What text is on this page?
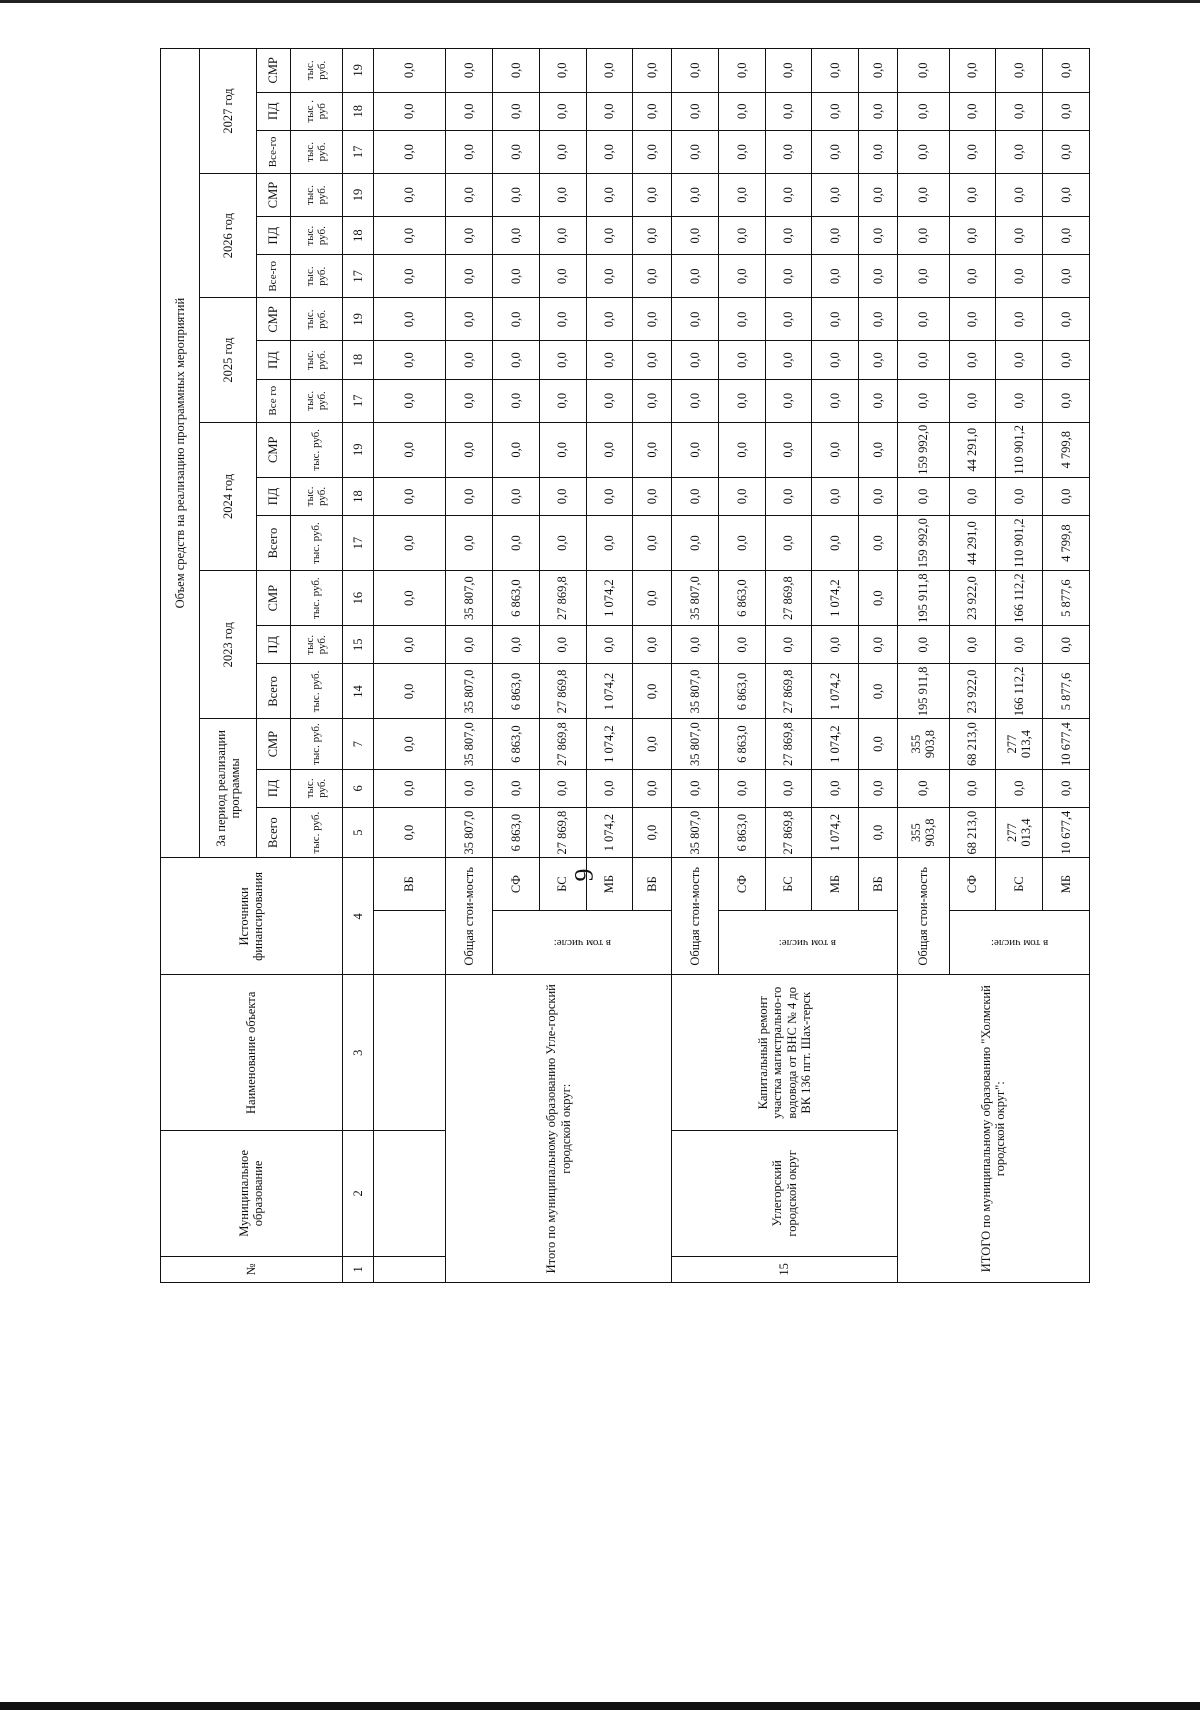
9
№	Муниципальное образование	Наименование объекта	Источники финансирования		Объем средств на реализацию программных мероприятий																	
					За период реализации программы			2023 год			2024 год			2025 год			2026 год			2027 год		
					Всего	ПД	СМР	Всего	ПД	СМР	Всего	ПД	СМР	Все го	ПД	СМР	Все-го	ПД	СМР	Все-го	ПД	СМР
					тыс. руб.	тыс. руб.	тыс. руб.	тыс. руб.	тыс. руб.	тыс. руб.	тыс. руб.	тыс. руб.	тыс. руб.	тыс. руб.	тыс. руб.	тыс. руб.	тыс. руб.	тыс. руб.	тыс. руб.	тыс. руб.	тыс . руб	тыс. руб.
1	2	3	4		5	6	7	14	15	16	17	18	19	17	18	19	17	18	19	17	18	19
				ВБ	0,0	0,0	0,0	0,0	0,0	0,0	0,0	0,0	0,0	0,0	0,0	0,0	0,0	0,0	0,0	0,0	0,0	0,0
Итого по муниципальному образованию Угле-горский городской округ:			Общая стои-мость		35 807,0	0,0	35 807,0	35 807,0	0,0	35 807,0	0,0	0,0	0,0	0,0	0,0	0,0	0,0	0,0	0,0	0,0	0,0	0,0
			в том числе:	СФ	6 863,0	0,0	6 863,0	6 863,0	0,0	6 863,0	0,0	0,0	0,0	0,0	0,0	0,0	0,0	0,0	0,0	0,0	0,0	0,0
				БС	27 869,8	0,0	27 869,8	27 869,8	0,0	27 869,8	0,0	0,0	0,0	0,0	0,0	0,0	0,0	0,0	0,0	0,0	0,0	0,0
				МБ	1 074,2	0,0	1 074,2	1 074,2	0,0	1 074,2	0,0	0,0	0,0	0,0	0,0	0,0	0,0	0,0	0,0	0,0	0,0	0,0
				ВБ	0,0	0,0	0,0	0,0	0,0	0,0	0,0	0,0	0,0	0,0	0,0	0,0	0,0	0,0	0,0	0,0	0,0	0,0
15	Углегорский городской округ	Капитальный ремонт участка магистрально-го водовода от ВНС № 4 до ВК 136 пгт. Шах-терск	Общая стои-мость		35 807,0	0,0	35 807,0	35 807,0	0,0	35 807,0	0,0	0,0	0,0	0,0	0,0	0,0	0,0	0,0	0,0	0,0	0,0	0,0
			в том числе:	СФ	6 863,0	0,0	6 863,0	6 863,0	0,0	6 863,0	0,0	0,0	0,0	0,0	0,0	0,0	0,0	0,0	0,0	0,0	0,0	0,0
				БС	27 869,8	0,0	27 869,8	27 869,8	0,0	27 869,8	0,0	0,0	0,0	0,0	0,0	0,0	0,0	0,0	0,0	0,0	0,0	0,0
				МБ	1 074,2	0,0	1 074,2	1 074,2	0,0	1 074,2	0,0	0,0	0,0	0,0	0,0	0,0	0,0	0,0	0,0	0,0	0,0	0,0
				ВБ	0,0	0,0	0,0	0,0	0,0	0,0	0,0	0,0	0,0	0,0	0,0	0,0	0,0	0,0	0,0	0,0	0,0	0,0
ИТОГО по муниципальному образованию "Холмский городской округ":			Общая стои-мость		355 903,8	0,0	355 903,8	195 911,8	0,0	195 911,8	159 992,0	0,0	159 992,0	0,0	0,0	0,0	0,0	0,0	0,0	0,0	0,0	0,0
			в том числе:	СФ	68 213,0	0,0	68 213,0	23 922,0	0,0	23 922,0	44 291,0	0,0	44 291,0	0,0	0,0	0,0	0,0	0,0	0,0	0,0	0,0	0,0
				БС	277 013,4	0,0	277 013,4	166 112,2	0,0	166 112,2	110 901,2	0,0	110 901,2	0,0	0,0	0,0	0,0	0,0	0,0	0,0	0,0	0,0
				МБ	10 677,4	0,0	10 677,4	5 877,6	0,0	5 877,6	4 799,8	0,0	4 799,8	0,0	0,0	0,0	0,0	0,0	0,0	0,0	0,0	0,0
